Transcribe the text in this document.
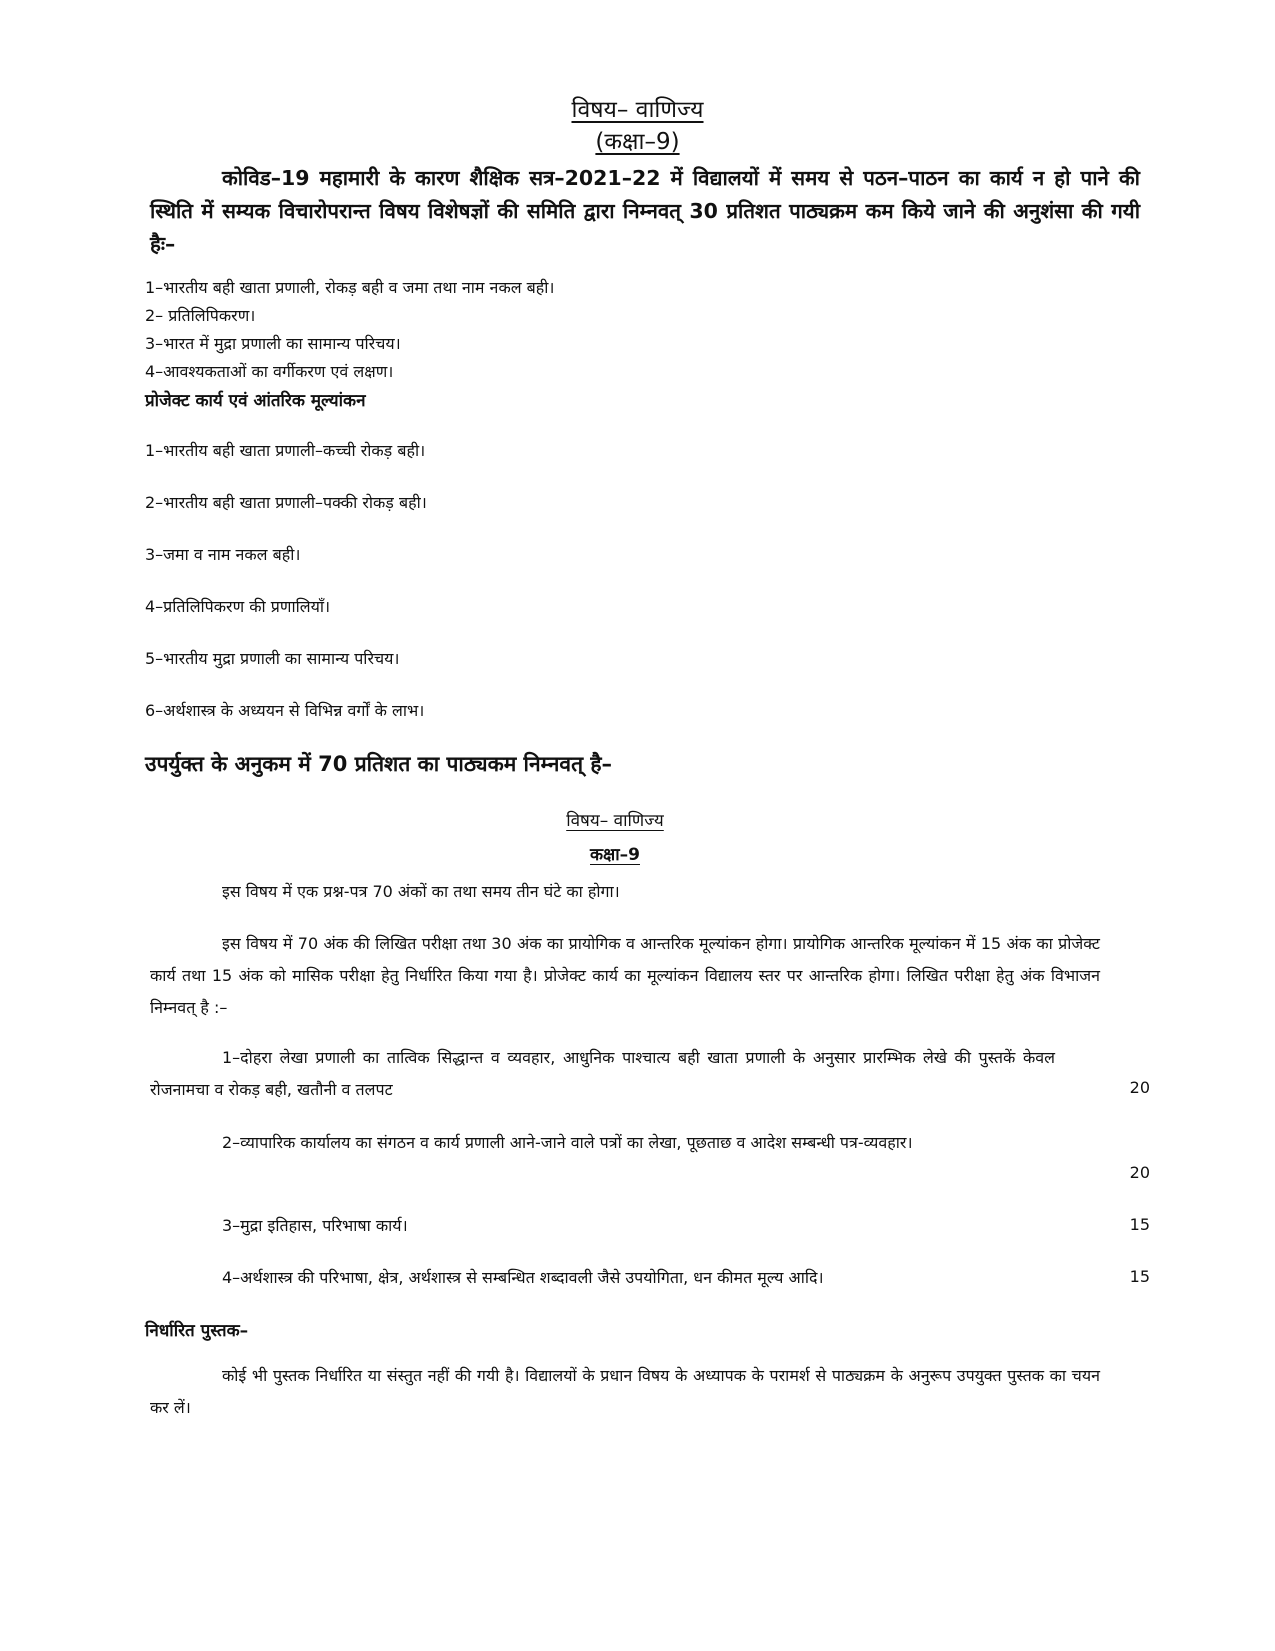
विषय– वाणिज्य
(कक्षा–9)
कोविड–19 महामारी के कारण शैक्षिक सत्र–2021–22 में विद्यालयों में समय से पठन–पाठन का कार्य न हो पाने की स्थिति में सम्यक विचारोपरान्त विषय विशेषज्ञों की समिति द्वारा निम्नवत् 30 प्रतिशत पाठ्यक्रम कम किये जाने की अनुशंसा की गयी हैः–
1–भारतीय बही खाता प्रणाली, रोकड़ बही व जमा तथा नाम नकल बही।
2– प्रतिलिपिकरण।
3–भारत में मुद्रा प्रणाली का सामान्य परिचय।
4–आवश्यकताओं का वर्गीकरण एवं लक्षण।
प्रोजेक्ट कार्य एवं आंतरिक मूल्यांकन
1–भारतीय बही खाता प्रणाली–कच्ची रोकड़ बही।
2–भारतीय बही खाता प्रणाली–पक्की रोकड़ बही।
3–जमा व नाम नकल बही।
4–प्रतिलिपिकरण की प्रणालियाँ।
5–भारतीय मुद्रा प्रणाली का सामान्य परिचय।
6–अर्थशास्त्र के अध्ययन से विभिन्न वर्गों के लाभ।
उपर्युक्त के अनुकम में 70 प्रतिशत का पाठ्यकम निम्नवत् है–
विषय– वाणिज्य
कक्षा–9
इस विषय में एक प्रश्न-पत्र 70 अंकों का तथा समय तीन घंटे का होगा।
इस विषय में 70 अंक की लिखित परीक्षा तथा 30 अंक का प्रायोगिक व आन्तरिक मूल्यांकन होगा। प्रायोगिक आन्तरिक मूल्यांकन में 15 अंक का प्रोजेक्ट कार्य तथा 15 अंक को मासिक परीक्षा हेतु निर्धारित किया गया है। प्रोजेक्ट कार्य का मूल्यांकन विद्यालय स्तर पर आन्तरिक होगा। लिखित परीक्षा हेतु अंक विभाजन निम्नवत् है :–
1–दोहरा लेखा प्रणाली का तात्विक सिद्धान्त व व्यवहार, आधुनिक पाश्चात्य बही खाता प्रणाली के अनुसार प्रारम्भिक लेखे की पुस्तकें केवल रोजनामचा व रोकड़ बही, खतौनी व तलपट	20
2–व्यापारिक कार्यालय का संगठन व कार्य प्रणाली आने-जाने वाले पत्रों का लेखा, पूछताछ व आदेश सम्बन्धी पत्र-व्यवहार।
20
3–मुद्रा इतिहास, परिभाषा कार्य।	15
4–अर्थशास्त्र की परिभाषा, क्षेत्र, अर्थशास्त्र से सम्बन्धित शब्दावली जैसे उपयोगिता, धन कीमत मूल्य आदि।	15
निर्धारित पुस्तक–
कोई भी पुस्तक निर्धारित या संस्तुत नहीं की गयी है। विद्यालयों के प्रधान विषय के अध्यापक के परामर्श से पाठ्यक्रम के अनुरूप उपयुक्त पुस्तक का चयन कर लें।
